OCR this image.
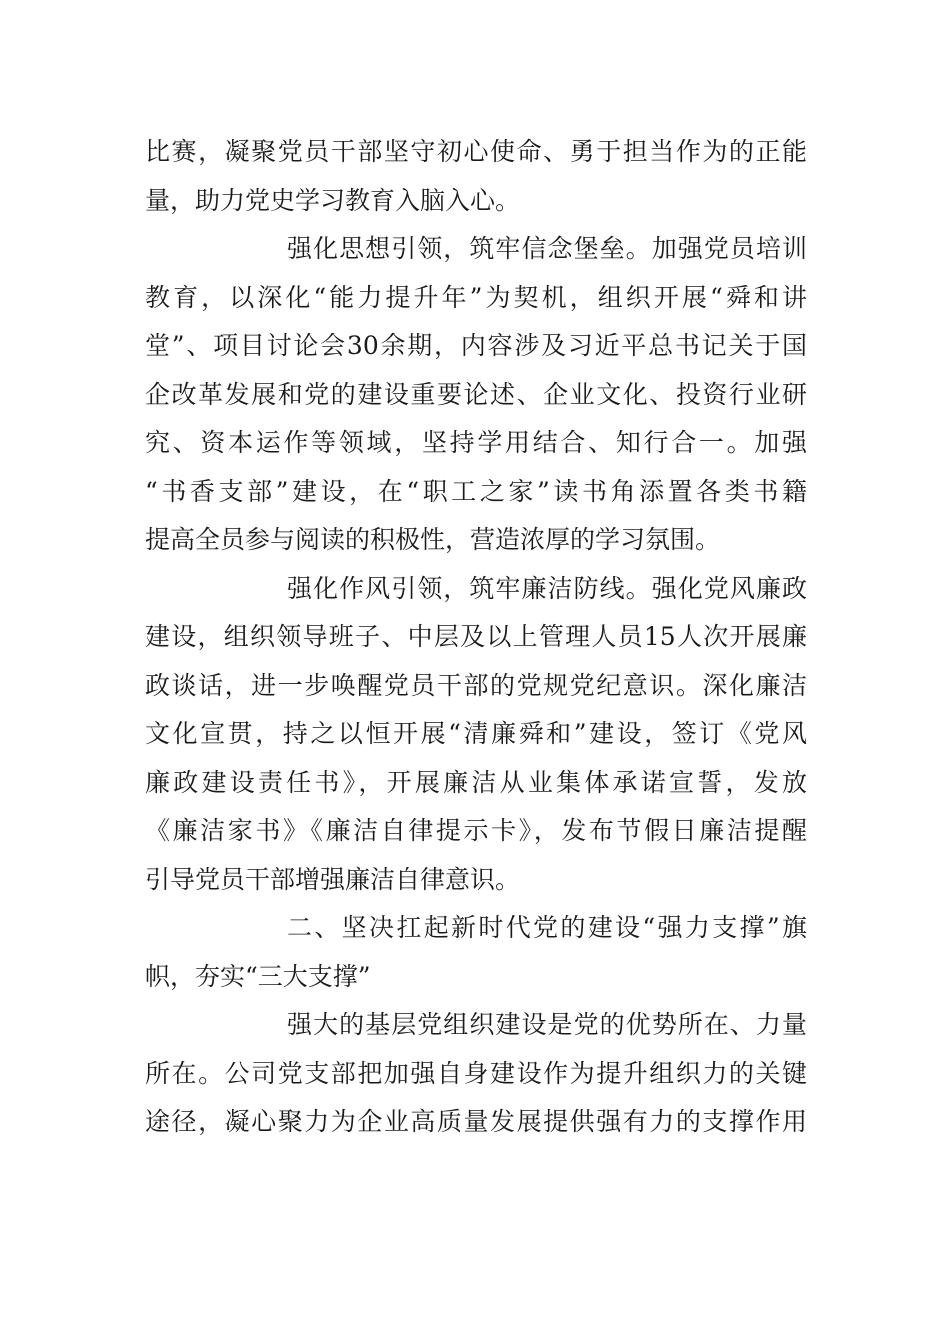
比赛，凝聚党员干部坚守初心使命、勇于担当作为的正能
量，助力党史学习教育入脑入心。
强化思想引领，筑牢信念堡垒。加强党员培训
教育，以深化“能力提升年”为契机，组织开展“舜和讲
堂”、项目讨论会30余期，内容涉及习近平总书记关于国
企改革发展和党的建设重要论述、企业文化、投资行业研
究、资本运作等领域，坚持学用结合、知行合一。加强
“书香支部”建设，在“职工之家”读书角添置各类书籍
提高全员参与阅读的积极性，营造浓厚的学习氛围。
强化作风引领，筑牢廉洁防线。强化党风廉政
建设，组织领导班子、中层及以上管理人员15人次开展廉
政谈话，进一步唤醒党员干部的党规党纪意识。深化廉洁
文化宣贯，持之以恒开展“清廉舜和”建设，签订《党风
廉政建设责任书》，开展廉洁从业集体承诺宣誓，发放
《廉洁家书》《廉洁自律提示卡》，发布节假日廉洁提醒
引导党员干部增强廉洁自律意识。
二、坚决扛起新时代党的建设“强力支撑”旗
帜，夯实“三大支撑”
强大的基层党组织建设是党的优势所在、力量
所在。公司党支部把加强自身建设作为提升组织力的关键
途径，凝心聚力为企业高质量发展提供强有力的支撑作用
